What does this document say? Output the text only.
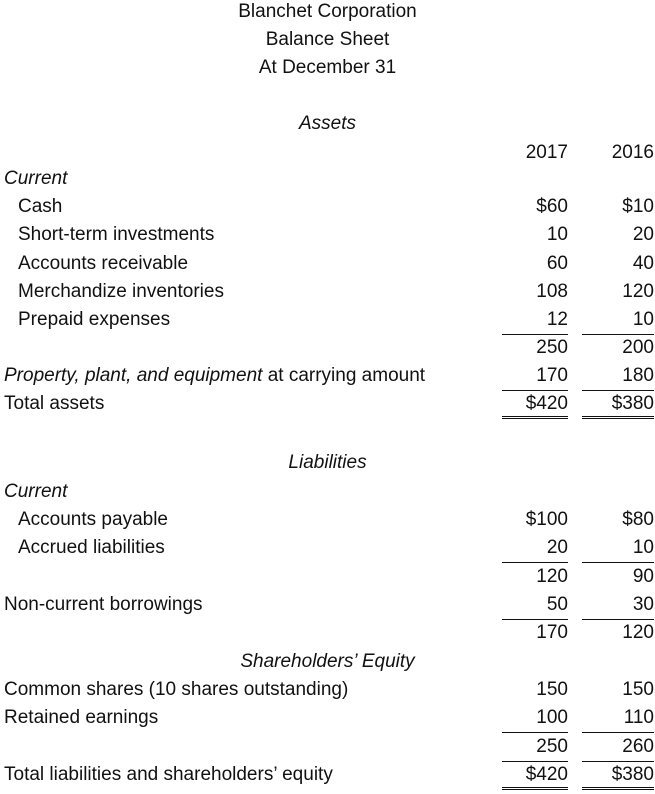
Blanchet Corporation
Balance Sheet
At December 31
Assets
2017	2016
Current
Cash	$60	$10
Short-term investments	10	20
Accounts receivable	60	40
Merchandize inventories	108	120
Prepaid expenses	12	10
250	200
Property, plant, and equipment at carrying amount	170	180
Total assets	$420	$380
Liabilities
Current
Accounts payable	$100	$80
Accrued liabilities	20	10
120	90
Non-current borrowings	50	30
170	120
Shareholders’ Equity
Common shares (10 shares outstanding)	150	150
Retained earnings	100	110
250	260
Total liabilities and shareholders’ equity	$420	$380
